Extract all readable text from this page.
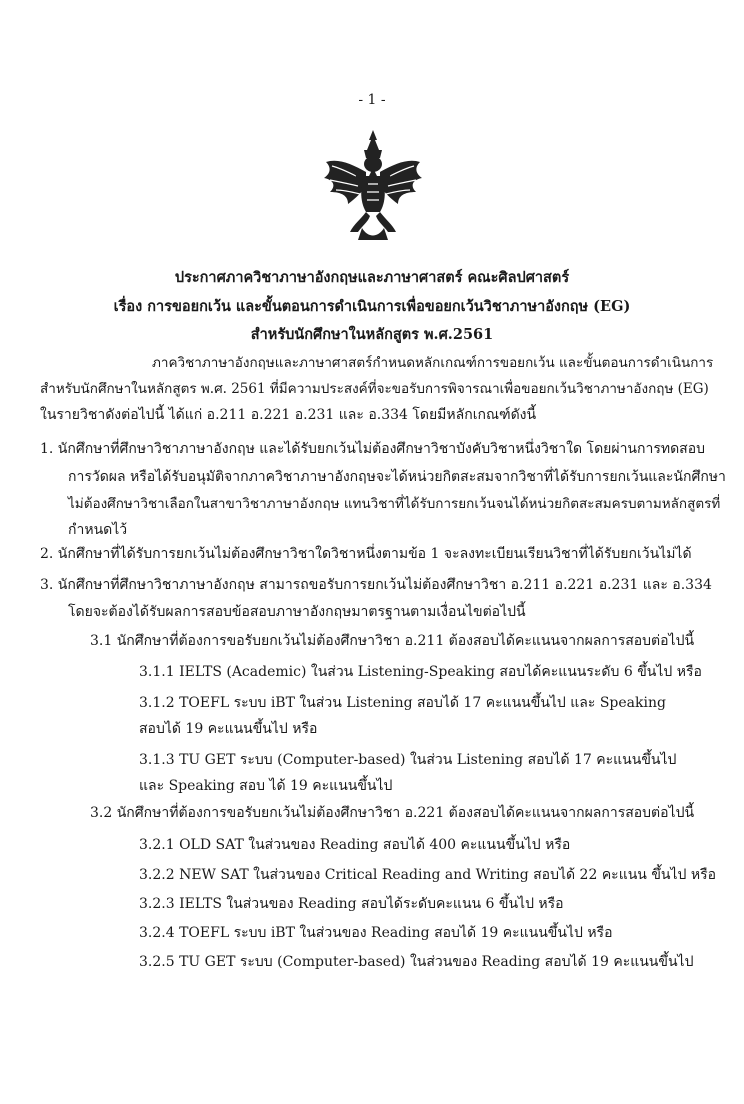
- 1 -
ประกาศภาควิชาภาษาอังกฤษและภาษาศาสตร์ คณะศิลปศาสตร์
เรื่อง การขอยกเว้น และขั้นตอนการดำเนินการเพื่อขอยกเว้นวิชาภาษาอังกฤษ (EG)
สำหรับนักศึกษาในหลักสูตร พ.ศ.2561
ภาควิชาภาษาอังกฤษและภาษาศาสตร์กำหนดหลักเกณฑ์การขอยกเว้น และขั้นตอนการดำเนินการ
สำหรับนักศึกษาในหลักสูตร พ.ศ. 2561 ที่มีความประสงค์ที่จะขอรับการพิจารณาเพื่อขอยกเว้นวิชาภาษาอังกฤษ (EG)
ในรายวิชาดังต่อไปนี้ ได้แก่ อ.211 อ.221 อ.231 และ อ.334 โดยมีหลักเกณฑ์ดังนี้
1. นักศึกษาที่ศึกษาวิชาภาษาอังกฤษ และได้รับยกเว้นไม่ต้องศึกษาวิชาบังคับวิชาหนึ่งวิชาใด โดยผ่านการทดสอบ
การวัดผล หรือได้รับอนุมัติจากภาควิชาภาษาอังกฤษจะได้หน่วยกิตสะสมจากวิชาที่ได้รับการยกเว้นและนักศึกษา
ไม่ต้องศึกษาวิชาเลือกในสาขาวิชาภาษาอังกฤษ แทนวิชาที่ได้รับการยกเว้นจนได้หน่วยกิตสะสมครบตามหลักสูตรที่
กำหนดไว้
2. นักศึกษาที่ได้รับการยกเว้นไม่ต้องศึกษาวิชาใดวิชาหนึ่งตามข้อ 1 จะลงทะเบียนเรียนวิชาที่ได้รับยกเว้นไม่ได้
3. นักศึกษาที่ศึกษาวิชาภาษาอังกฤษ สามารถขอรับการยกเว้นไม่ต้องศึกษาวิชา อ.211 อ.221 อ.231 และ อ.334
โดยจะต้องได้รับผลการสอบข้อสอบภาษาอังกฤษมาตรฐานตามเงื่อนไขต่อไปนี้
3.1 นักศึกษาที่ต้องการขอรับยกเว้นไม่ต้องศึกษาวิชา อ.211 ต้องสอบได้คะแนนจากผลการสอบต่อไปนี้
3.1.1 IELTS (Academic) ในส่วน Listening-Speaking สอบได้คะแนนระดับ 6 ขึ้นไป หรือ
3.1.2 TOEFL ระบบ iBT ในส่วน Listening สอบได้ 17 คะแนนขึ้นไป และ Speaking
สอบได้ 19 คะแนนขึ้นไป หรือ
3.1.3 TU GET ระบบ (Computer-based) ในส่วน Listening สอบได้ 17 คะแนนขึ้นไป
และ Speaking สอบ ได้ 19 คะแนนขึ้นไป
3.2 นักศึกษาที่ต้องการขอรับยกเว้นไม่ต้องศึกษาวิชา อ.221 ต้องสอบได้คะแนนจากผลการสอบต่อไปนี้
3.2.1 OLD SAT ในส่วนของ Reading สอบได้ 400 คะแนนขึ้นไป หรือ
3.2.2 NEW SAT ในส่วนของ Critical Reading and Writing สอบได้ 22 คะแนน ขึ้นไป หรือ
3.2.3 IELTS ในส่วนของ Reading สอบได้ระดับคะแนน 6 ขึ้นไป หรือ
3.2.4 TOEFL ระบบ iBT ในส่วนของ Reading สอบได้ 19 คะแนนขึ้นไป หรือ
3.2.5 TU GET ระบบ (Computer-based) ในส่วนของ Reading สอบได้ 19 คะแนนขึ้นไป
